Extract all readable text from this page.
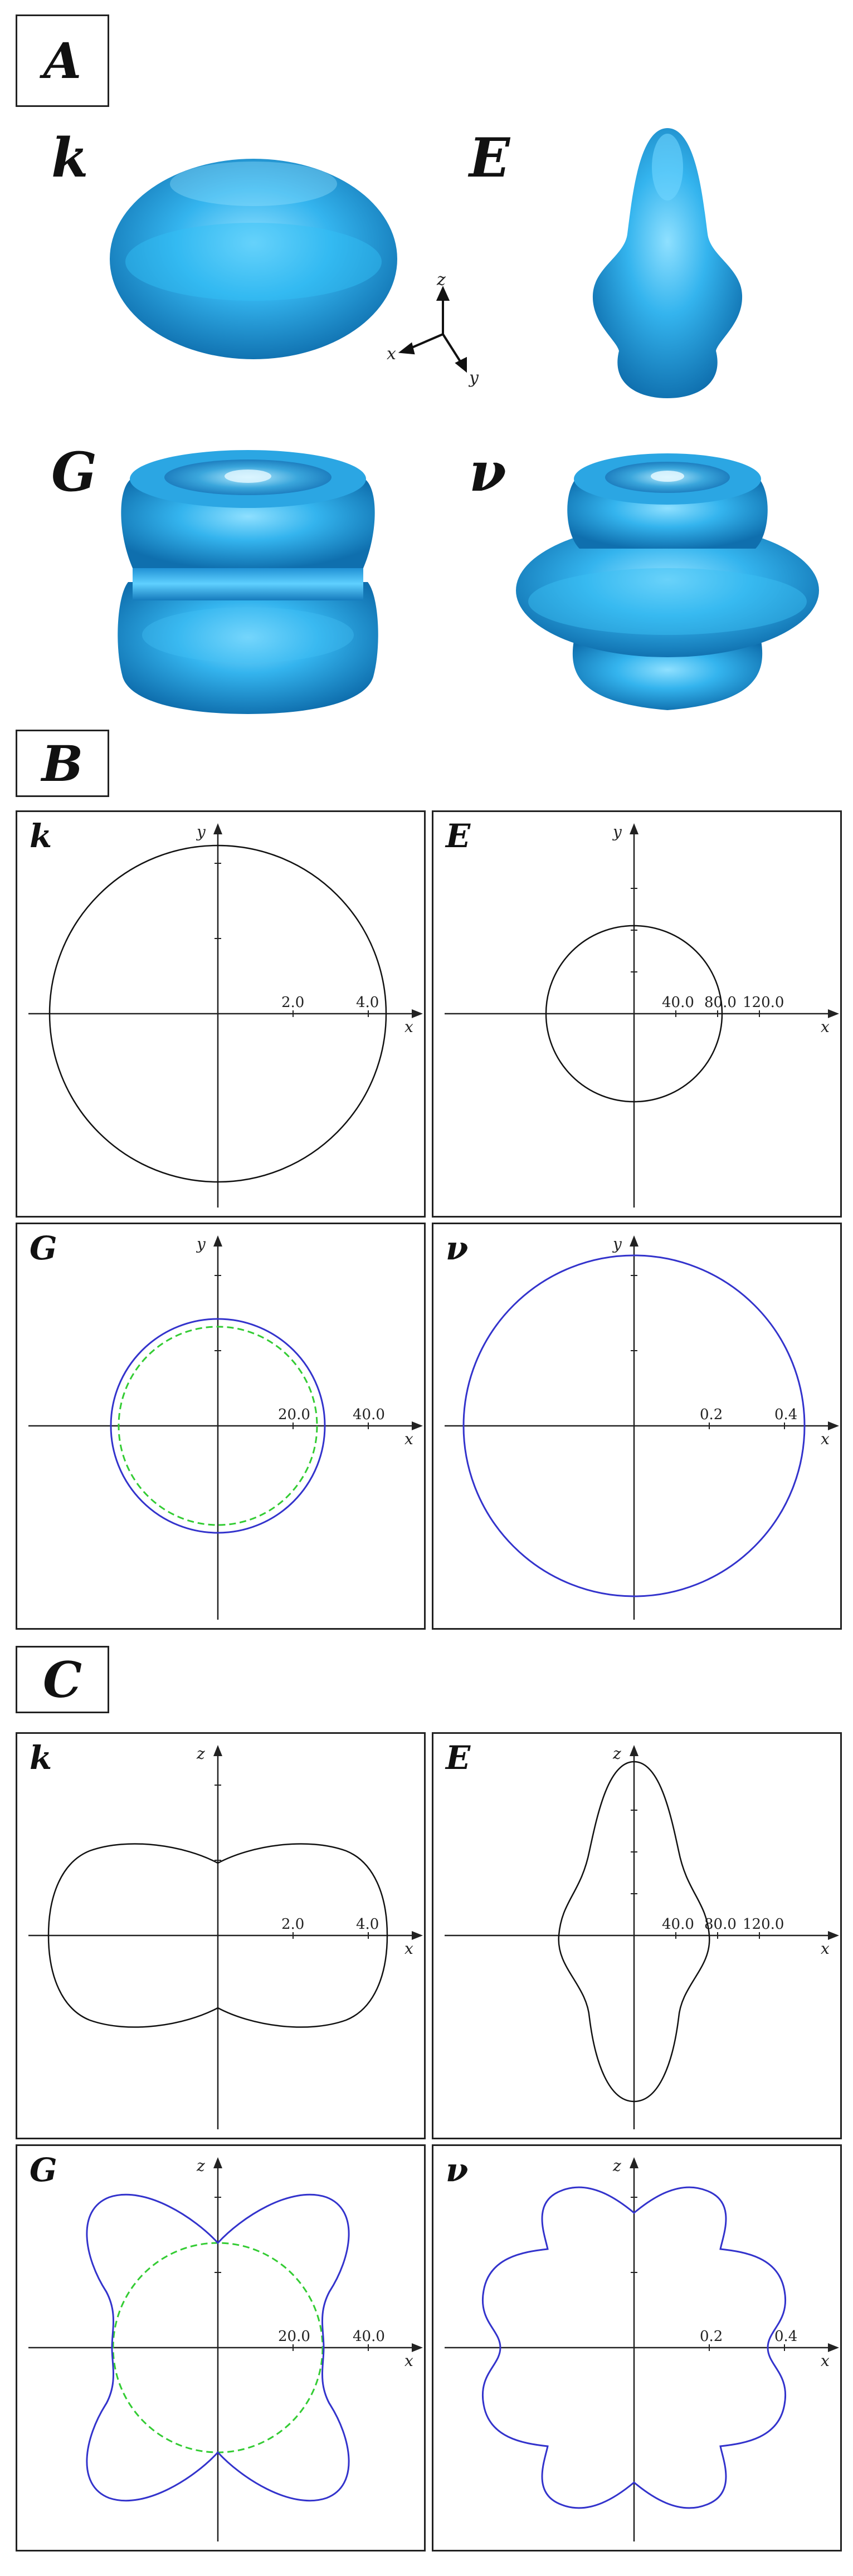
A
k	E
G	ν
z
x
y
B
k
2.0	4.0
x
y	E
40.0 80.0 120.0
x
y
G
20.0	40.0
x
y	ν
0.2	0.4
x
y
C
k
2.0	4.0
x
z	E
40.0 80.0 120.0
x
z
G
20.0	40.0
x
z	ν
0.2	0.4
x
z
